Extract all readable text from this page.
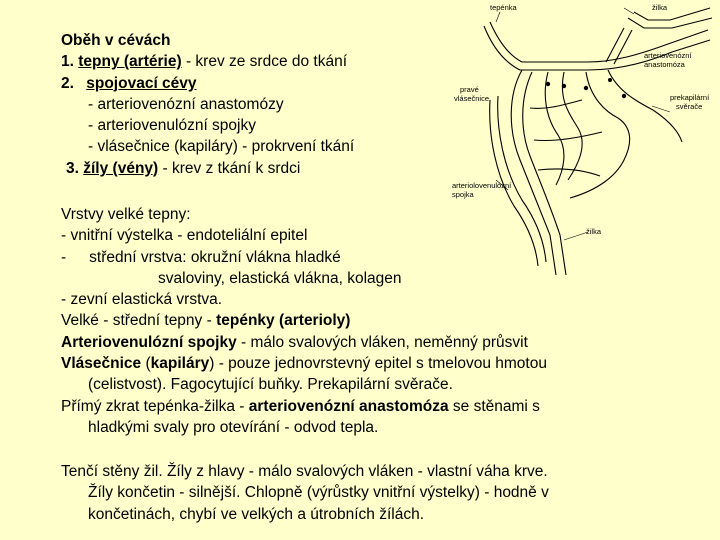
Oběh v cévách
1. tepny (artérie) - krev ze srdce do tkání
2. spojovací cévy
- arteriovenózní anastomózy
- arteriovenulózní spojky
- vlásečnice (kapiláry) - prokrvení tkání
3. žíly (vény) - krev z tkání k srdci
Vrstvy velké tepny:
- vnitřní výstelka - endoteliální epitel
- střední vrstva: okružní vlákna hladké
svaloviny, elastická vlákna, kolagen
- zevní elastická vrstva.
Velké - střední tepny - tepénky (arterioly)
Arteriovenulózní spojky - málo svalových vláken, neměnný průsvit
Vlásečnice (kapiláry) - pouze jednovrstevný epitel s tmelovou hmotou
(celistvost). Fagocytující buňky. Prekapilární svěrače.
Přímý zkrat tepénka-žilka - arteriovenózní anastomóza se stěnami s
hladkými svaly pro otevírání - odvod tepla.
Tenčí stěny žil. Žíly z hlavy - málo svalových vláken - vlastní váha krve.
Žíly končetin - silnější. Chlopně (výrůstky vnitřní výstelky) - hodně v
končetinách, chybí ve velkých a útrobních žílách.
tepénka	žilka
arteriovenózní
anastomóza
pravé
vlásečnice	prekapilární
svěrače
arteriolovenulózní
spojka
žilka
